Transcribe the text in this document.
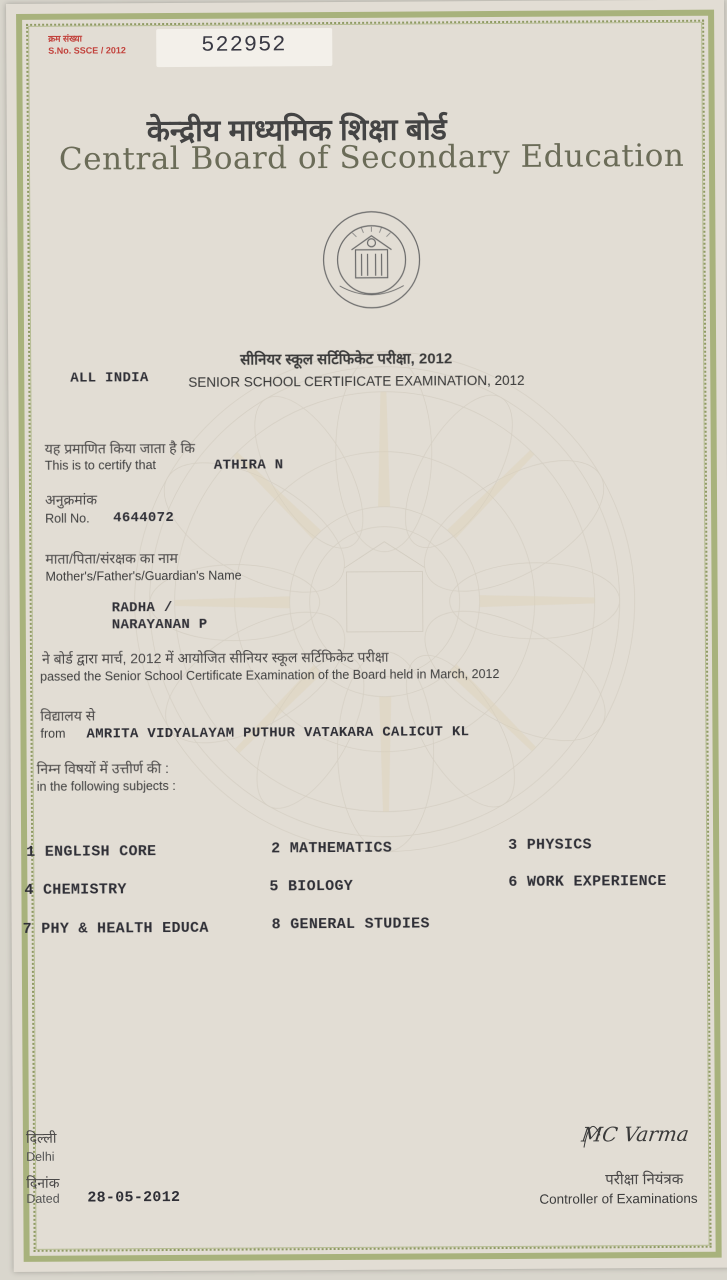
क्रम संख्या
S.No. SSCE / 2012	522952
केन्द्रीय माध्यमिक शिक्षा बोर्ड
Central Board of Secondary Education
सीनियर स्कूल सर्टिफिकेट परीक्षा, 2012
ALL INDIA	SENIOR SCHOOL CERTIFICATE EXAMINATION, 2012
यह प्रमाणित किया जाता है कि
This is to certify that	ATHIRA N
अनुक्रमांक
Roll No. 4644072
माता/पिता/संरक्षक का नाम
Mother's/Father's/Guardian's Name
RADHA /
NARAYANAN P
ने बोर्ड द्वारा मार्च, 2012 में आयोजित सीनियर स्कूल सर्टिफिकेट परीक्षा
passed the Senior School Certificate Examination of the Board held in March, 2012
विद्यालय से
from AMRITA VIDYALAYAM PUTHUR VATAKARA CALICUT KL
निम्न विषयों में उत्तीर्ण की :
in the following subjects :
1 ENGLISH CORE	2 MATHEMATICS	3 PHYSICS
4 CHEMISTRY	5 BIOLOGY	6 WORK EXPERIENCE
7 PHY & HEALTH EDUCA	8 GENERAL STUDIES
दिल्ली
Delhi
दिनांक
Dated 28-05-2012
MC Varma
परीक्षा नियंत्रक
Controller of Examinations
